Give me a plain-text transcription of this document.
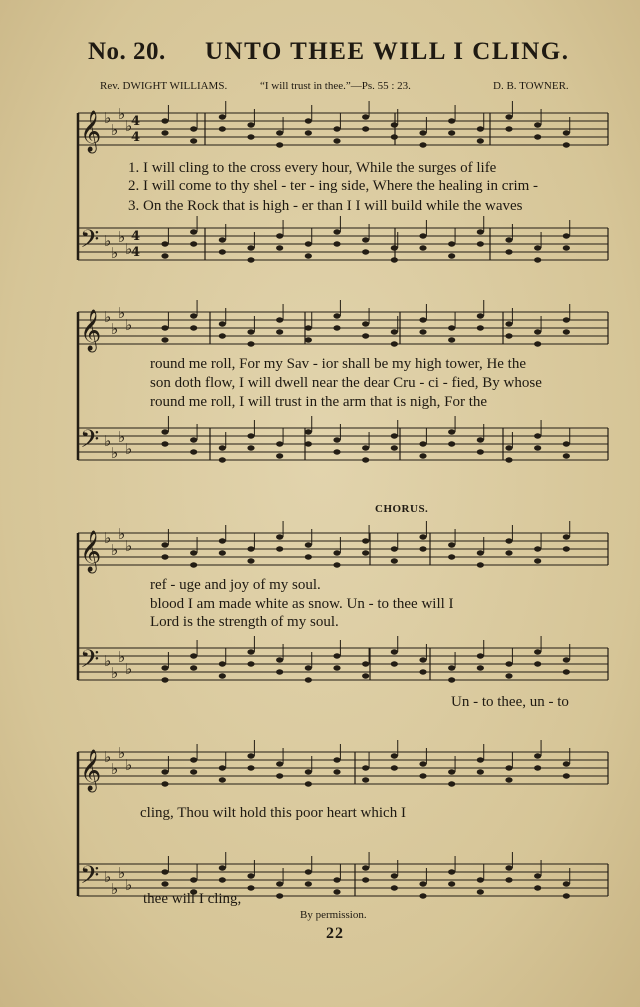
No. 20. UNTO THEE WILL I CLING.
Rev. DWIGHT WILLIAMS.	“I will trust in thee.”—Ps. 55 : 23.	D. B. TOWNER.
𝄞
𝄢
♭
♭
♭
♭
♭
♭
♭
♭
𝄞
𝄢
♭
♭
♭
♭
♭
♭
♭
♭
𝄞
𝄢
♭
♭
♭
♭
♭
♭
♭
♭
𝄞
𝄢
♭
♭
♭
♭
♭
♭
♭
♭
4
4
4
4
1. I will cling to the cross every hour, While the surges of life
2. I will come to thy shel - ter - ing side, Where the healing in crim -
3. On the Rock that is high - er than I I will build while the waves
round me roll, For my Sav - ior shall be my high tower, He the
son doth flow, I will dwell near the dear Cru - ci - fied, By whose
round me roll, I will trust in the arm that is nigh, For the
CHORUS.
ref - uge and joy of my soul.
blood I am made white as snow. Un - to thee will I
Lord is the strength of my soul.
Un - to thee, un - to
cling, Thou wilt hold this poor heart which I
thee will I cling,
By permission.
22
